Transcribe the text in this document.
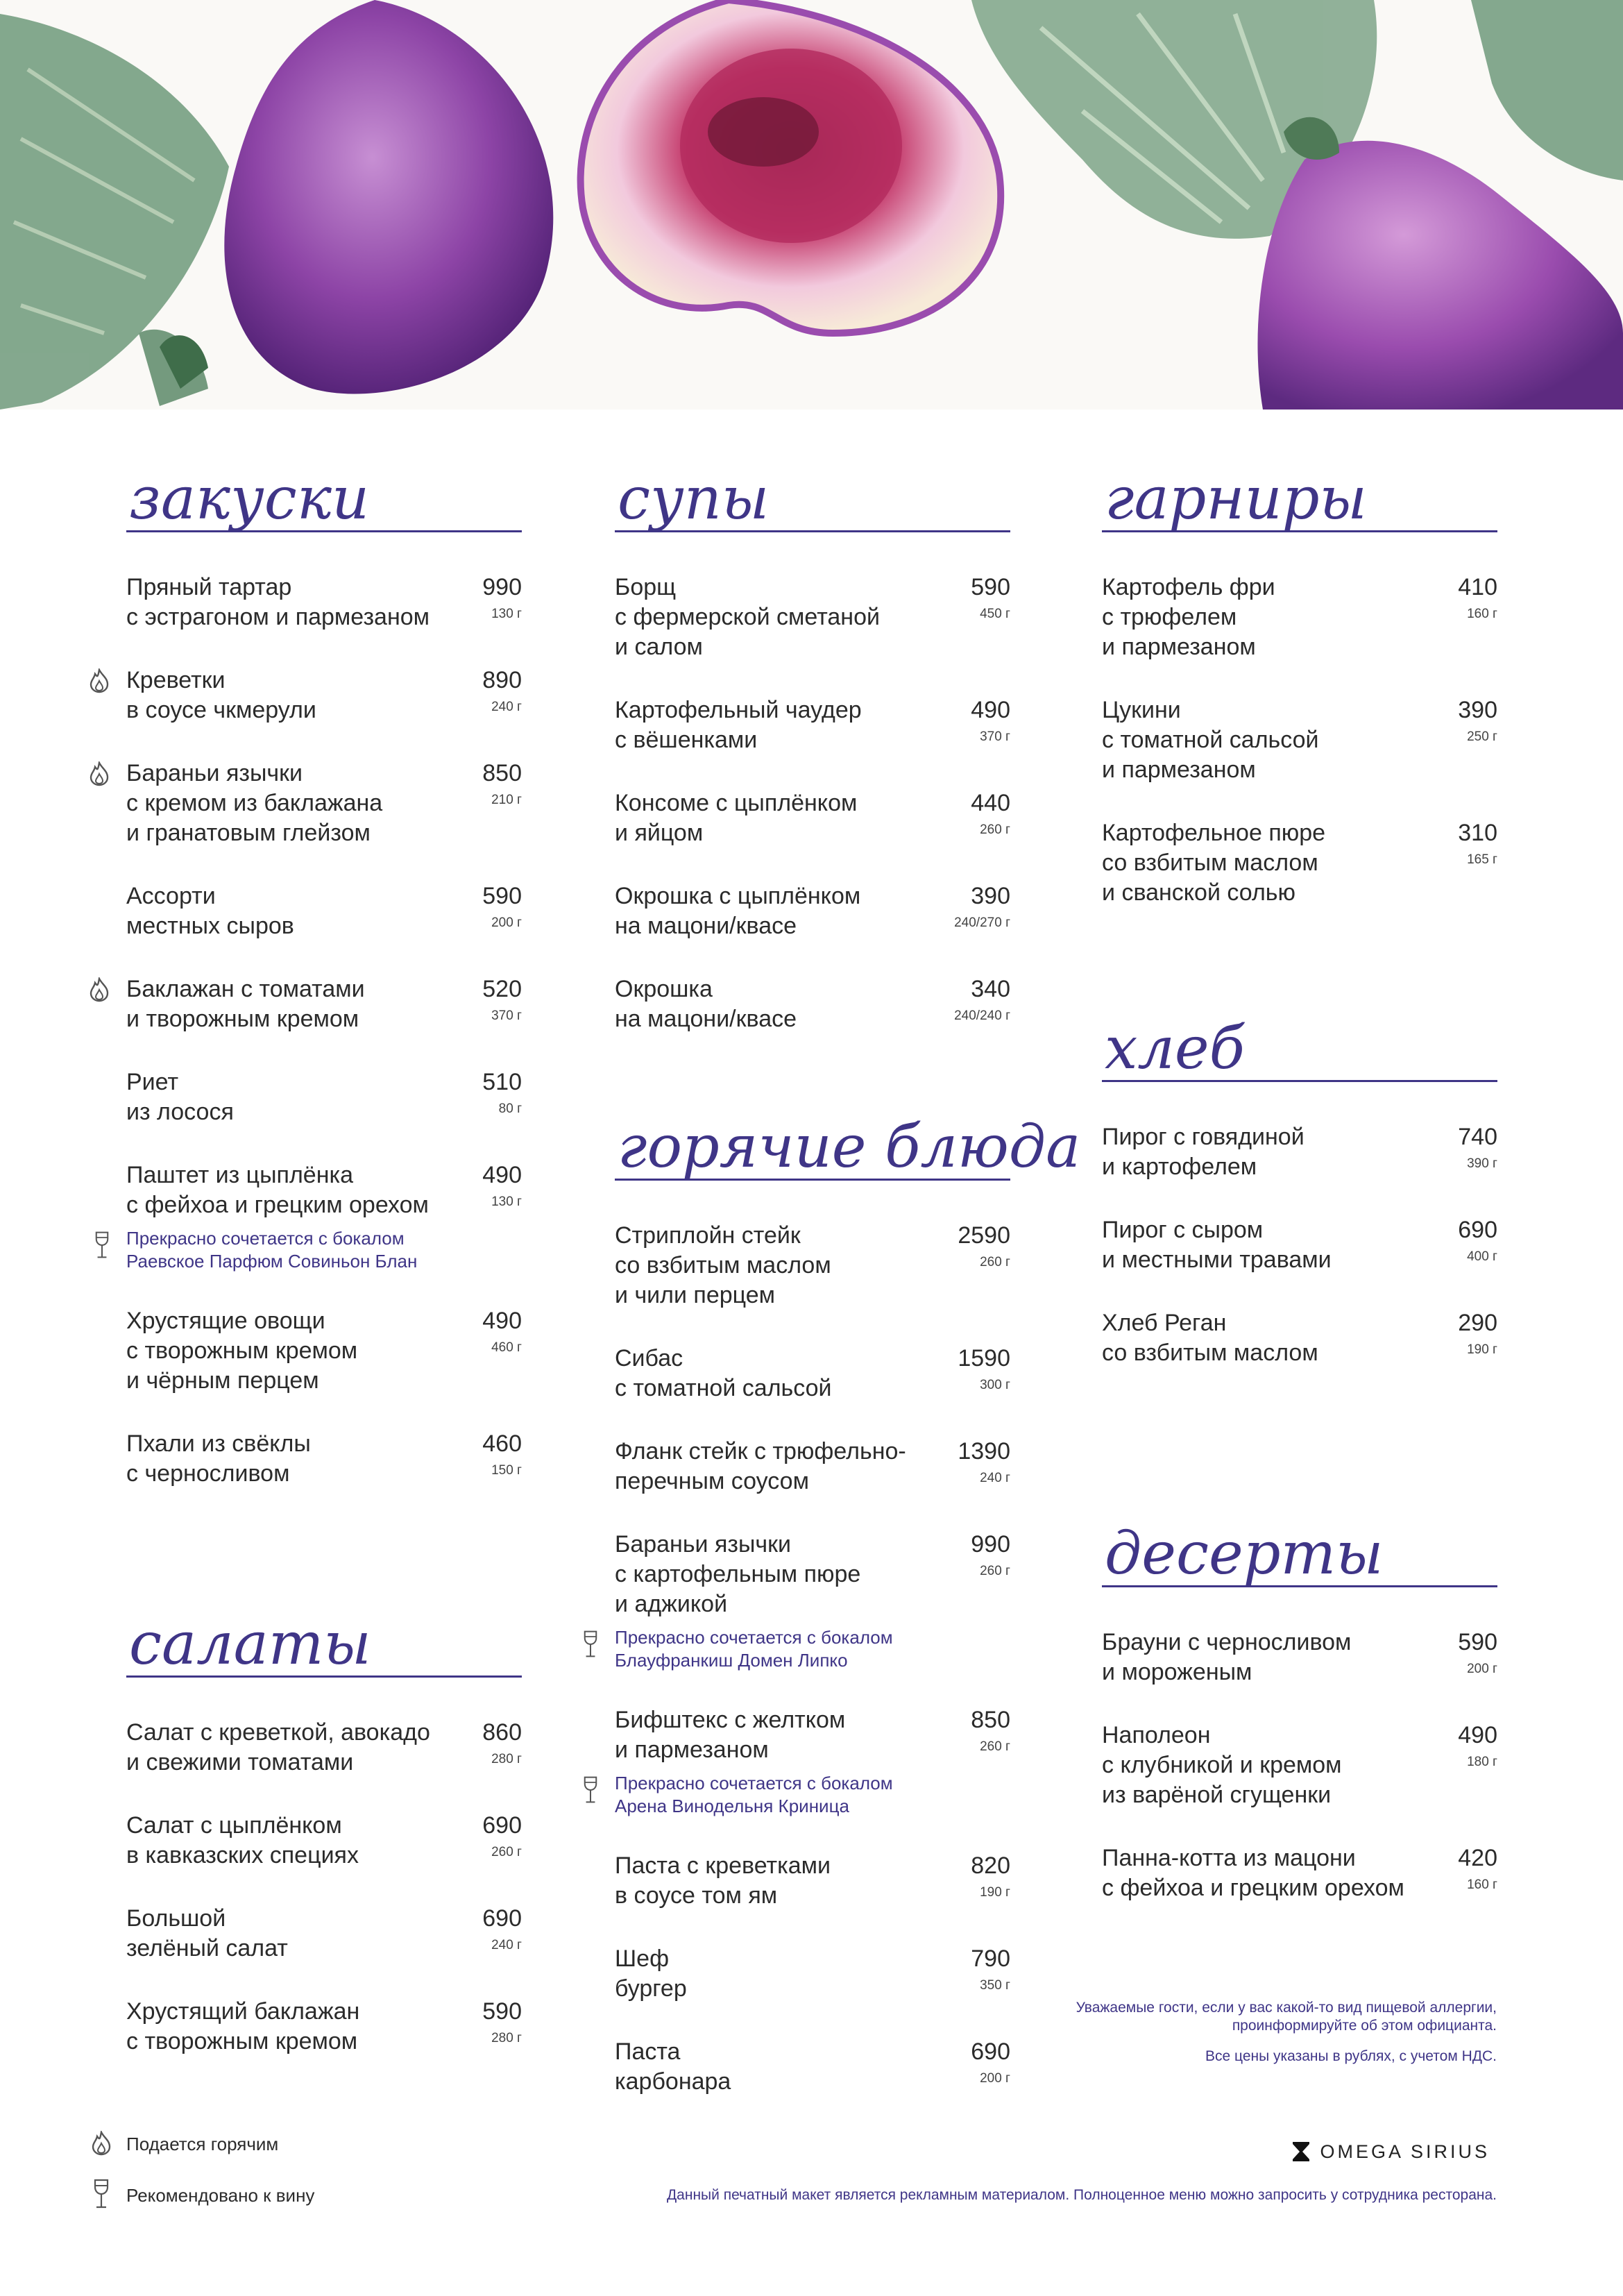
закуски
Пряный тартар
с эстрагоном и пармезаном
990
130 г
Креветки
в соусе чкмерули
890
240 г
Бараньи язычки
с кремом из баклажана
и гранатовым глейзом
850
210 г
Ассорти
местных сыров
590
200 г
Баклажан с томатами
и творожным кремом
520
370 г
Риет
из лосося
510
80 г
Паштет из цыплёнка
с фейхоа и грецким орехом
490
130 г
Прекрасно сочетается с бокалом
Раевское Парфюм Совиньон Блан
Хрустящие овощи
с творожным кремом
и чёрным перцем
490
460 г
Пхали из свёклы
с черносливом
460
150 г
салаты
Салат с креветкой, авокадо
и свежими томатами
860
280 г
Салат с цыплёнком
в кавказских специях
690
260 г
Большой
зелёный салат
690
240 г
Хрустящий баклажан
с творожным кремом
590
280 г
супы
Борщ
с фермерской сметаной
и салом
590
450 г
Картофельный чаудер
с вёшенками
490
370 г
Консоме с цыплёнком
и яйцом
440
260 г
Окрошка с цыплёнком
на мацони/квасе
390
240/270 г
Окрошка
на мацони/квасе
340
240/240 г
горячие блюда
Стриплойн стейк
со взбитым маслом
и чили перцем
2590
260 г
Сибас
с томатной сальсой
1590
300 г
Фланк стейк с трюфельно-
перечным соусом
1390
240 г
Бараньи язычки
с картофельным пюре
и аджикой
990
260 г
Прекрасно сочетается с бокалом
Блауфранкиш Домен Липко
Бифштекс с желтком
и пармезаном
850
260 г
Прекрасно сочетается с бокалом
Арена Винодельня Криница
Паста с креветками
в соусе том ям
820
190 г
Шеф
бургер
790
350 г
Паста
карбонара
690
200 г
гарниры
Картофель фри
с трюфелем
и пармезаном
410
160 г
Цукини
с томатной сальсой
и пармезаном
390
250 г
Картофельное пюре
со взбитым маслом
и сванской солью
310
165 г
хлеб
Пирог с говядиной
и картофелем
740
390 г
Пирог с сыром
и местными травами
690
400 г
Хлеб Реган
со взбитым маслом
290
190 г
десерты
Брауни с черносливом
и мороженым
590
200 г
Наполеон
с клубникой и кремом
из варёной сгущенки
490
180 г
Панна-котта из мацони
с фейхоа и грецким орехом
420
160 г
Подается горячим
Рекомендовано к вину
Уважаемые гости, если у вас какой-то вид пищевой аллергии, проинформируйте об этом официанта.
Все цены указаны в рублях, с учетом НДС.
OMEGA SIRIUS
Данный печатный макет является рекламным материалом. Полноценное меню можно запросить у сотрудника ресторана.
